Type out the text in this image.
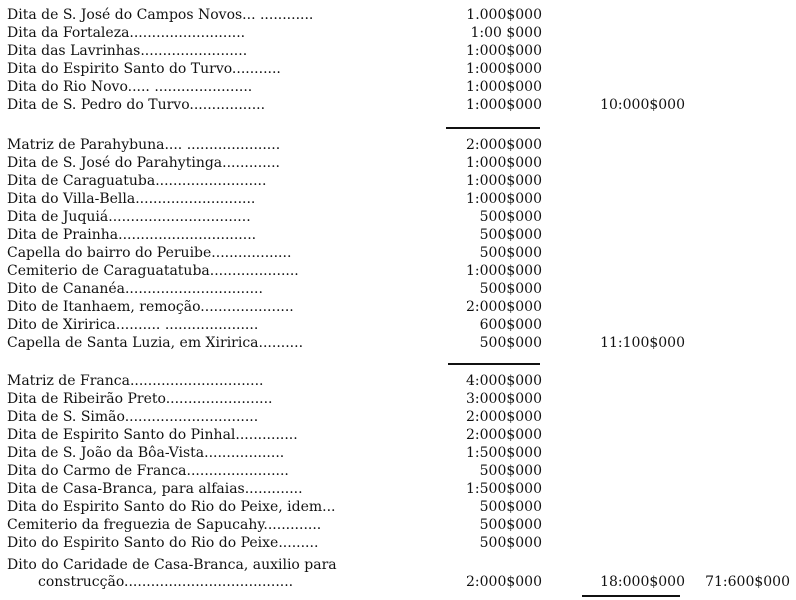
Dita de S. José do Campos Novos... ............	1.000$000
Dita da Fortaleza..........................	1:00 $000
Dita das Lavrinhas........................	1:000$000
Dita do Espirito Santo do Turvo...........	1:000$000
Dita do Rio Novo..... ......................	1:000$000
Dita de S. Pedro do Turvo.................	1:000$000	10:000$000
Matriz de Parahybuna.... .....................	2:000$000
Dita de S. José do Parahytinga.............	1:000$000
Dita de Caraguatuba.........................	1:000$000
Dita do Villa-Bella...........................	1:000$000
Dita de Juquiá................................	500$000
Dita de Prainha...............................	500$000
Capella do bairro do Peruibe..................	500$000
Cemiterio de Caraguatatuba....................	1:000$000
Dito de Cananéa...............................	500$000
Dito de Itanhaem, remoção.....................	2:000$000
Dito de Xiririca.......... .....................	600$000
Capella de Santa Luzia, em Xiririca..........	500$000	11:100$000
Matriz de Franca..............................	4:000$000
Dita de Ribeirão Preto........................	3:000$000
Dita de S. Simão..............................	2:000$000
Dita de Espirito Santo do Pinhal..............	2:000$000
Dita de S. João da Bôa-Vista..................	1:500$000
Dita do Carmo de Franca.......................	500$000
Dita de Casa-Branca, para alfaias.............	1:500$000
Dita do Espirito Santo do Rio do Peixe, idem...	500$000
Cemiterio da freguezia de Sapucahy.............	500$000
Dito do Espirito Santo do Rio do Peixe.........	500$000
Dito do Caridade de Casa-Branca, auxilio para
construcção......................................	2:000$000	18:000$000	71:600$000
